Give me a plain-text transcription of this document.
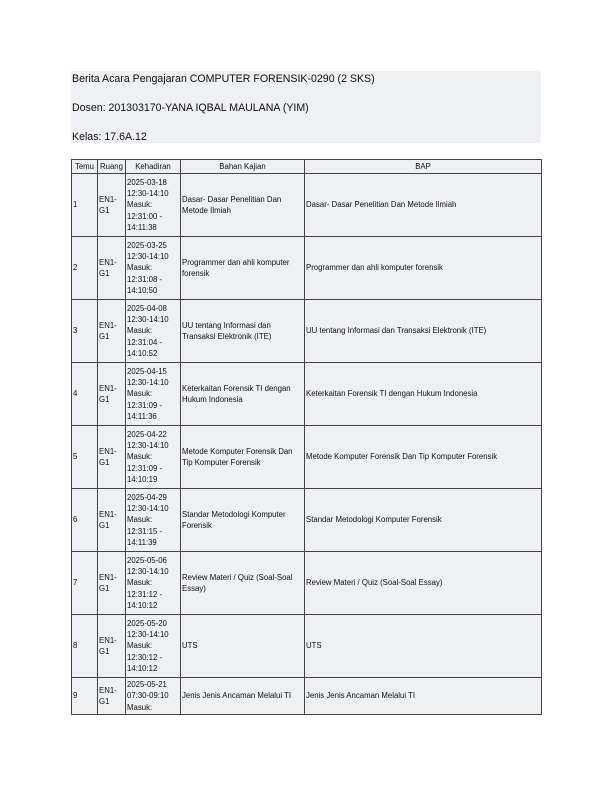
Berita Acara Pengajaran COMPUTER FORENSIK-0290 (2 SKS)
Dosen: 201303170-YANA IQBAL MAULANA (YIM)
Kelas: 17.6A.12
Temu	Ruang	Kehadiran	Bahan Kajian	BAP
1	EN1-G1	2025-03-18
12:30-14:10
Masuk:
12:31:00 -
14:11:38	Dasar- Dasar Penelitian Dan Metode Ilmiah	Dasar- Dasar Penelitian Dan Metode Ilmiah
2	EN1-G1	2025-03-25
12:30-14:10
Masuk:
12:31:08 -
14:10:50	Programmer dan ahli komputer forensik	Programmer dan ahli komputer forensik
3	EN1-G1	2025-04-08
12:30-14:10
Masuk:
12:31:04 -
14:10:52	UU tentang Informasi dan Transaksi Elektronik (ITE)	UU tentang Informasi dan Transaksi Elektronik (ITE)
4	EN1-G1	2025-04-15
12:30-14:10
Masuk:
12:31:09 -
14:11:36	Keterkaitan Forensik TI dengan Hukum Indonesia	Keterkaitan Forensik TI dengan Hukum Indonesia
5	EN1-G1	2025-04-22
12:30-14:10
Masuk:
12:31:09 -
14:10:19	Metode Komputer Forensik Dan Tip Komputer Forensik	Metode Komputer Forensik Dan Tip Komputer Forensik
6	EN1-G1	2025-04-29
12:30-14:10
Masuk:
12:31:15 -
14:11:39	Standar Metodologi Komputer Forensik	Standar Metodologi Komputer Forensik
7	EN1-G1	2025-05-06
12:30-14:10
Masuk:
12:31:12 -
14:10:12	Review Materi / Quiz (Soal-Soal Essay)	Review Materi / Quiz (Soal-Soal Essay)
8	EN1-G1	2025-05-20
12:30-14:10
Masuk:
12:30:12 -
14:10:12	UTS	UTS
9	EN1-G1	2025-05-21
07:30-09:10
Masuk:	Jenis Jenis Ancaman Melalui TI	Jenis Jenis Ancaman Melalui TI
